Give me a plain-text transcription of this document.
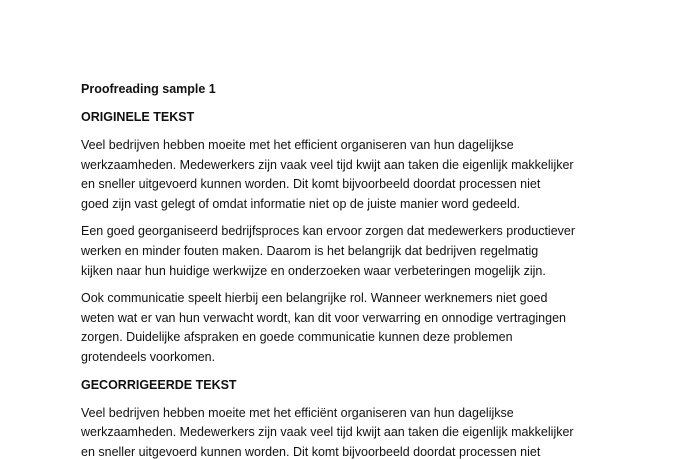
Proofreading sample 1
ORIGINELE TEKST
Veel bedrijven hebben moeite met het efficient organiseren van hun dagelijkse
werkzaamheden. Medewerkers zijn vaak veel tijd kwijt aan taken die eigenlijk makkelijker
en sneller uitgevoerd kunnen worden. Dit komt bijvoorbeeld doordat processen niet
goed zijn vast gelegt of omdat informatie niet op de juiste manier word gedeeld.
Een goed georganiseerd bedrijfsproces kan ervoor zorgen dat medewerkers productiever
werken en minder fouten maken. Daarom is het belangrijk dat bedrijven regelmatig
kijken naar hun huidige werkwijze en onderzoeken waar verbeteringen mogelijk zijn.
Ook communicatie speelt hierbij een belangrijke rol. Wanneer werknemers niet goed
weten wat er van hun verwacht wordt, kan dit voor verwarring en onnodige vertragingen
zorgen. Duidelijke afspraken en goede communicatie kunnen deze problemen
grotendeels voorkomen.
GECORRIGEERDE TEKST
Veel bedrijven hebben moeite met het efficiënt organiseren van hun dagelijkse
werkzaamheden. Medewerkers zijn vaak veel tijd kwijt aan taken die eigenlijk makkelijker
en sneller uitgevoerd kunnen worden. Dit komt bijvoorbeeld doordat processen niet
